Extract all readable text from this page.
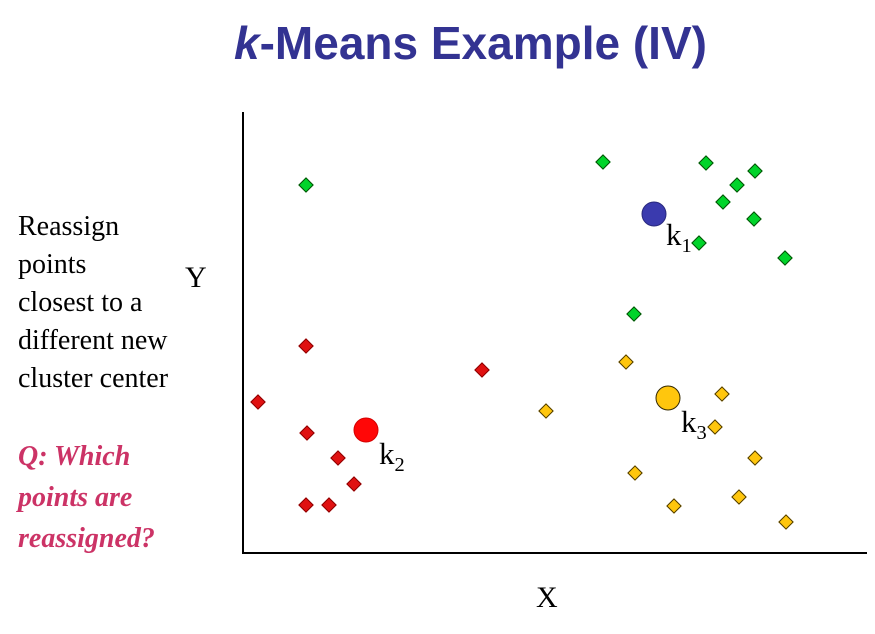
k-Means Example (IV)
Reassign
points
closest to a
different new
cluster center
Q: Which
points are
reassigned?
Y
X
$k_1$
$k_2$
$k_3$
